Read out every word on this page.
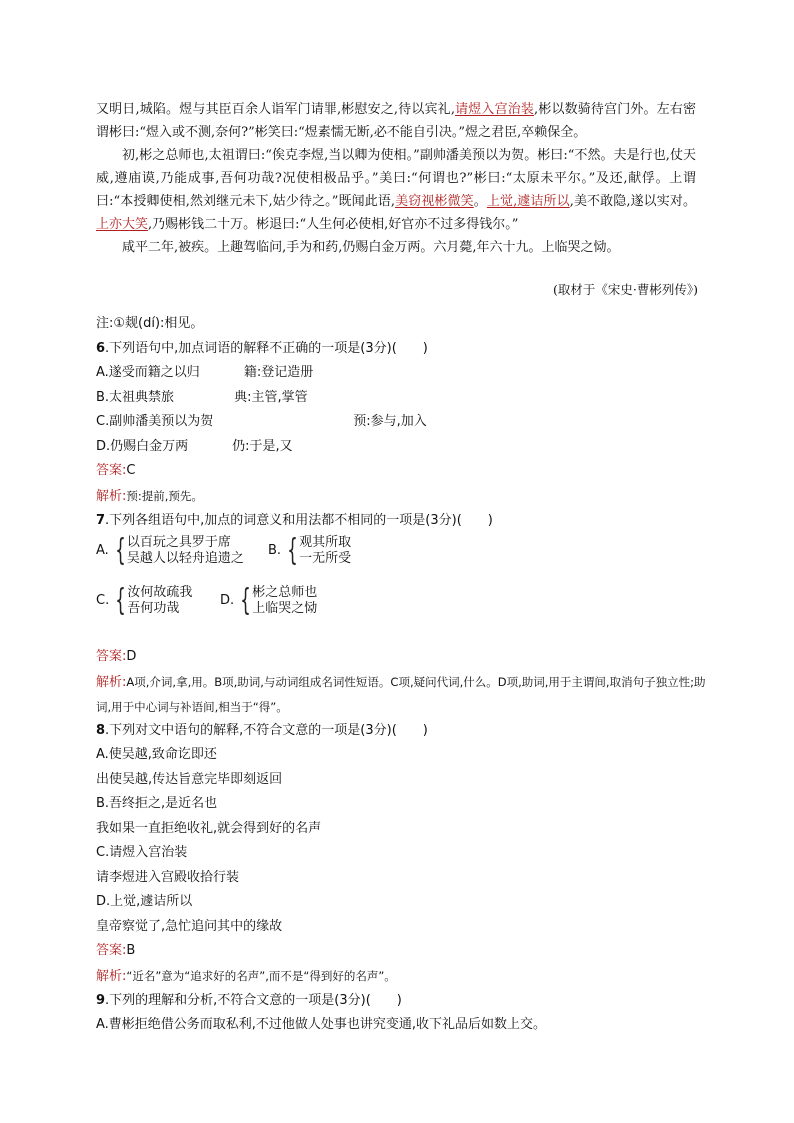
又明日,城陷。煜与其臣百余人诣军门请罪,彬慰安之,待以宾礼,请煜入宫治装,彬以数骑待宫门外。左右密谓彬曰:“煜入或不测,奈何?”彬笑曰:“煜素懦无断,必不能自引决。”煜之君臣,卒赖保全。

初,彬之总师也,太祖谓曰:“俟克李煜,当以卿为使相。”副帅潘美预以为贺。彬曰:“不然。夫是行也,仗天威,遵庙谟,乃能成事,吾何功哉?况使相极品乎。”美曰:“何谓也?”彬曰:“太原未平尔。”及还,献俘。上谓曰:“本授卿使相,然刘继元未下,姑少待之。”既闻此语,美窃视彬微笑。上觉,遽诘所以,美不敢隐,遂以实对。上亦大笑,乃赐彬钱二十万。彬退曰:“人生何必使相,好官亦不过多得钱尔。”

咸平二年,被疾。上趣驾临问,手为和药,仍赐白金万两。六月薨,年六十九。上临哭之恸。

(取材于《宋史·曹彬列传》)
注:①觌(dí):相见。
6.下列语句中,加点词语的解释不正确的一项是(3分)(　　)
A.遂受而籍之以归	籍:登记造册
B.太祖典禁旅	典:主管,掌管
C.副帅潘美预以为贺	预:参与,加入
D.仍赐白金万两	仍:于是,又
答案:C
解析:预:提前,预先。
7.下列各组语句中,加点的词意义和用法都不相同的一项是(3分)(　　)
A. { 以百玩之具罗于席
吴越人以轻舟追遗之
B. { 观其所取
一无所受
C. { 汝何故疏我
吾何功哉
D. { 彬之总师也
上临哭之恸
答案:D
解析:A项,介词,拿,用。B项,助词,与动词组成名词性短语。C项,疑问代词,什么。D项,助词,用于主谓间,取消句子独立性;助词,用于中心词与补语间,相当于“得”。
8.下列对文中语句的解释,不符合文意的一项是(3分)(　　)
A.使吴越,致命讫即还
出使吴越,传达旨意完毕即刻返回
B.吾终拒之,是近名也
我如果一直拒绝收礼,就会得到好的名声
C.请煜入宫治装
请李煜进入宫殿收拾行装
D.上觉,遽诘所以
皇帝察觉了,急忙追问其中的缘故
答案:B
解析:“近名”意为“追求好的名声”,而不是“得到好的名声”。
9.下列的理解和分析,不符合文意的一项是(3分)(　　)
A.曹彬拒绝借公务而取私利,不过他做人处事也讲究变通,收下礼品后如数上交。
